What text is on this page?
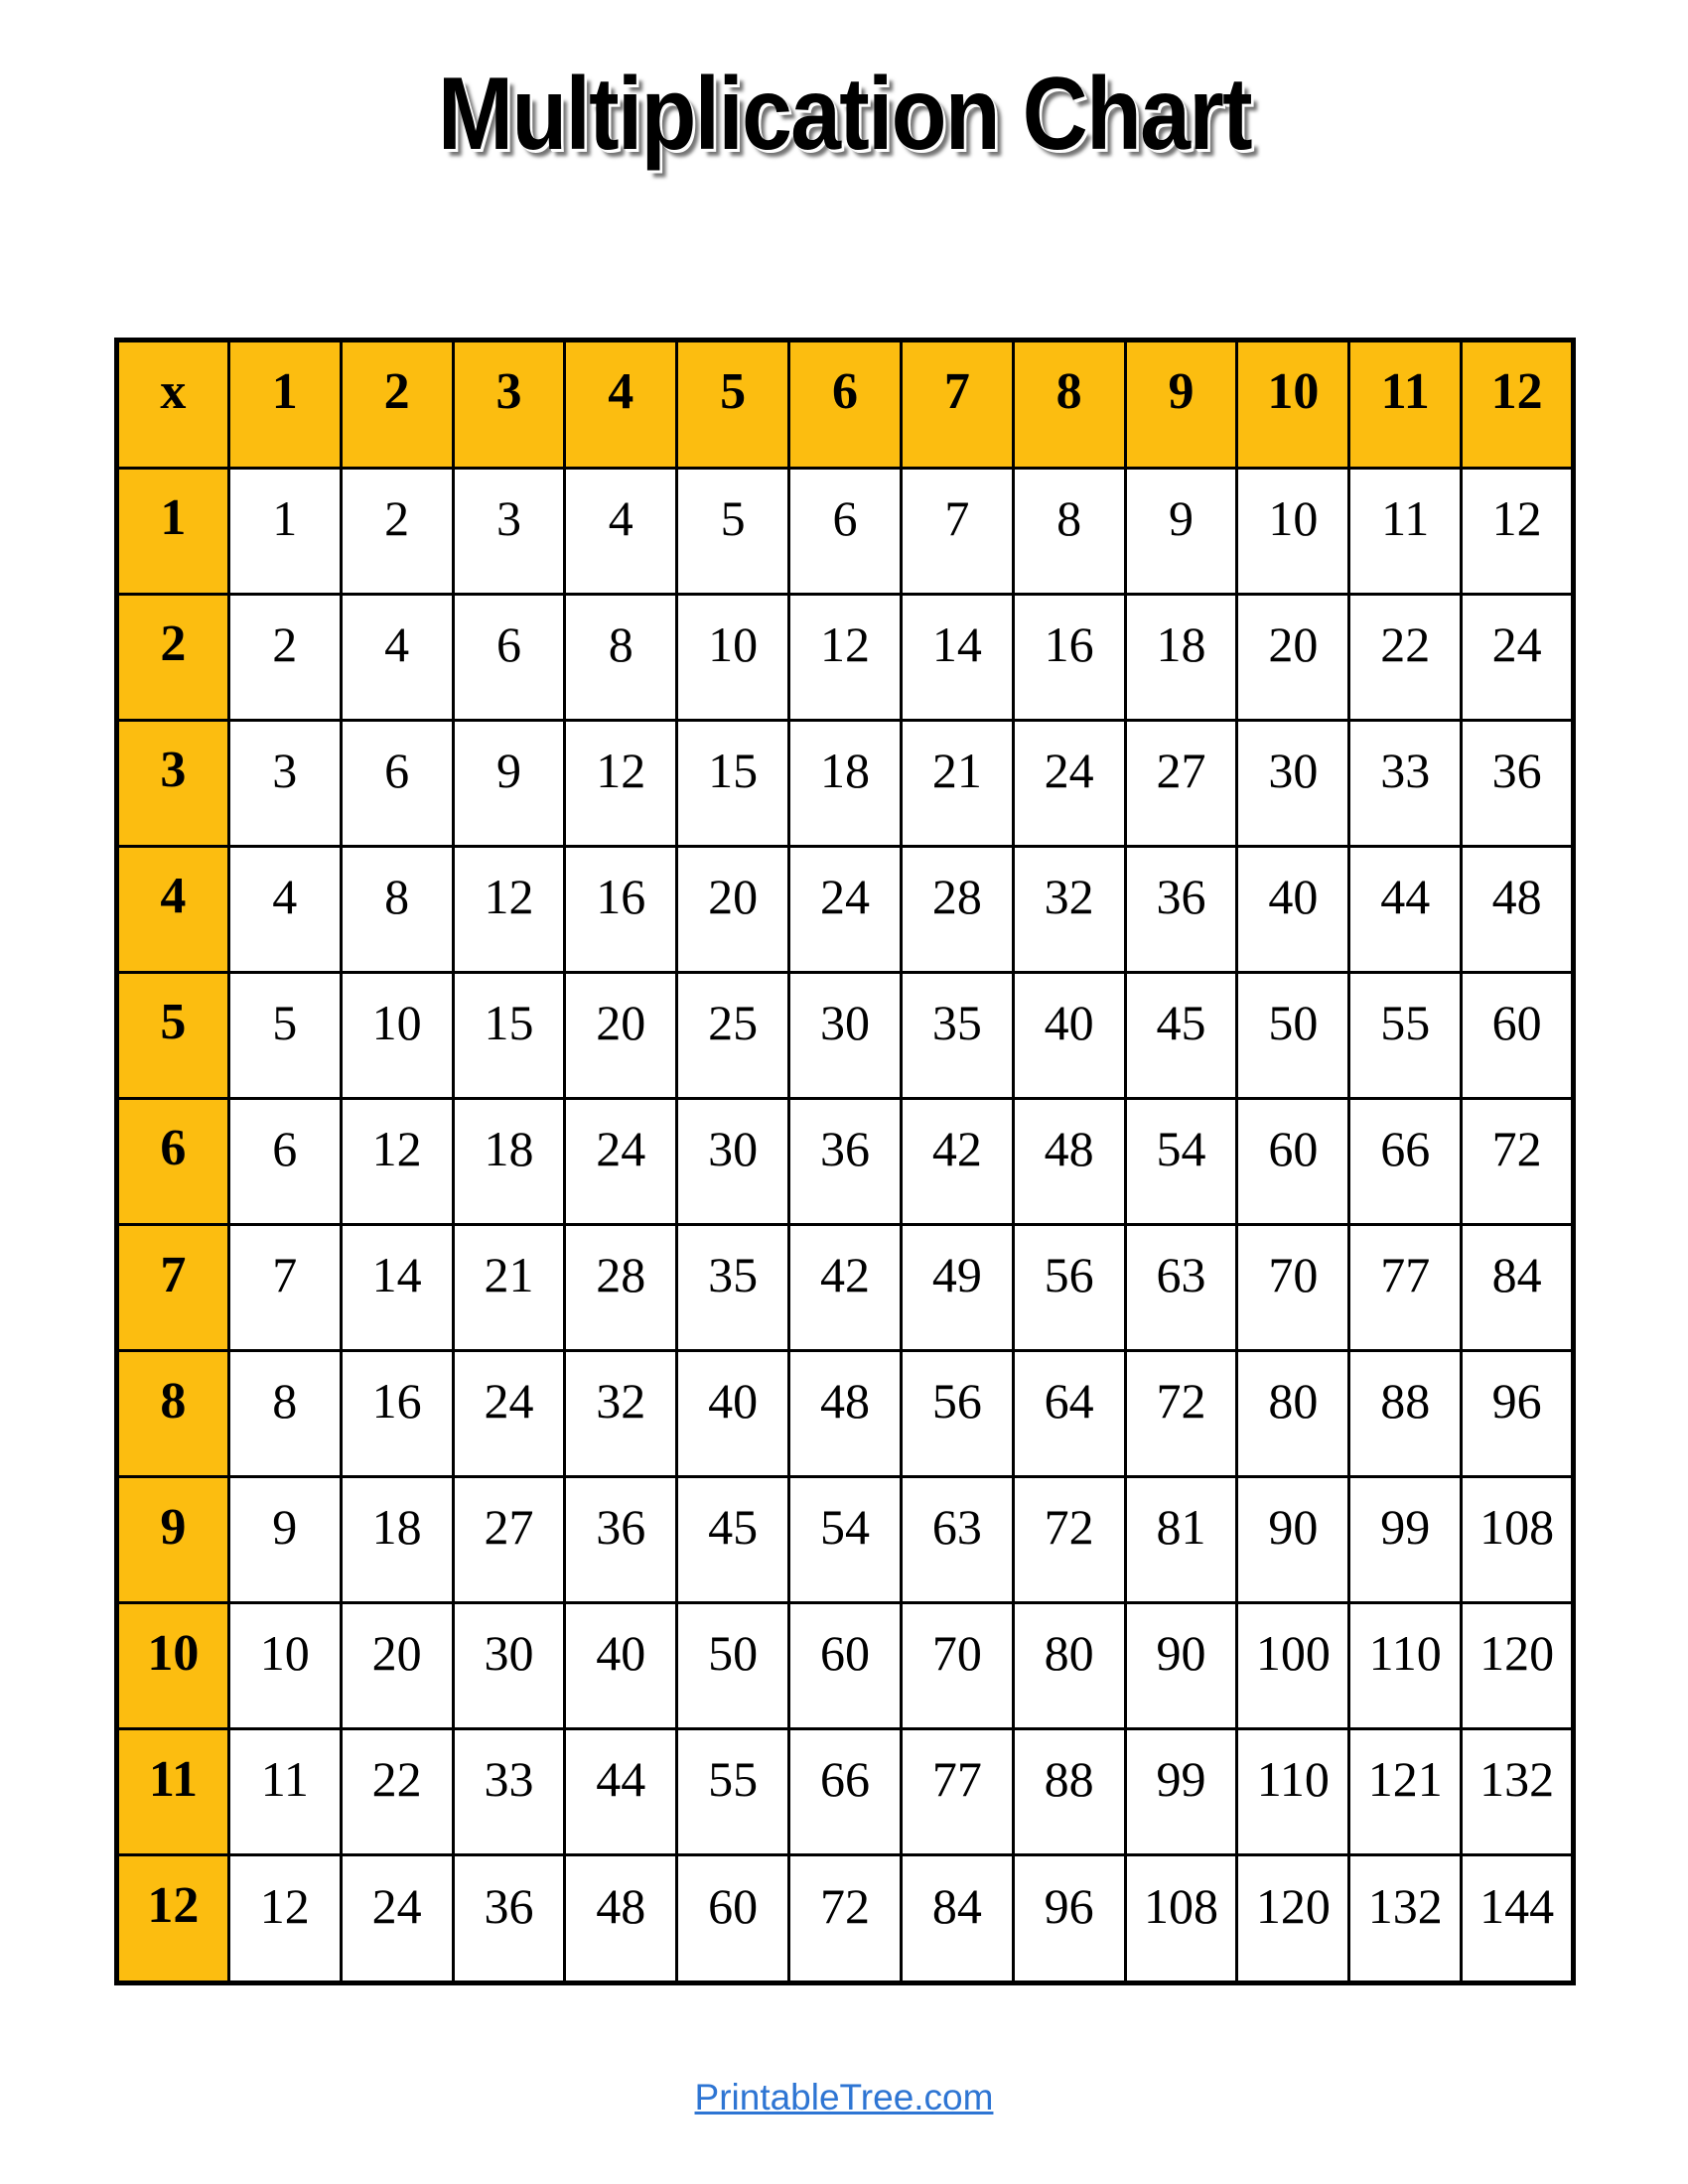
Multiplication Chart
x	1	2	3	4	5	6	7	8	9	10	11	12
1	1	2	3	4	5	6	7	8	9	10	11	12
2	2	4	6	8	10	12	14	16	18	20	22	24
3	3	6	9	12	15	18	21	24	27	30	33	36
4	4	8	12	16	20	24	28	32	36	40	44	48
5	5	10	15	20	25	30	35	40	45	50	55	60
6	6	12	18	24	30	36	42	48	54	60	66	72
7	7	14	21	28	35	42	49	56	63	70	77	84
8	8	16	24	32	40	48	56	64	72	80	88	96
9	9	18	27	36	45	54	63	72	81	90	99	108
10	10	20	30	40	50	60	70	80	90	100	110	120
11	11	22	33	44	55	66	77	88	99	110	121	132
12	12	24	36	48	60	72	84	96	108	120	132	144
PrintableTree.com
